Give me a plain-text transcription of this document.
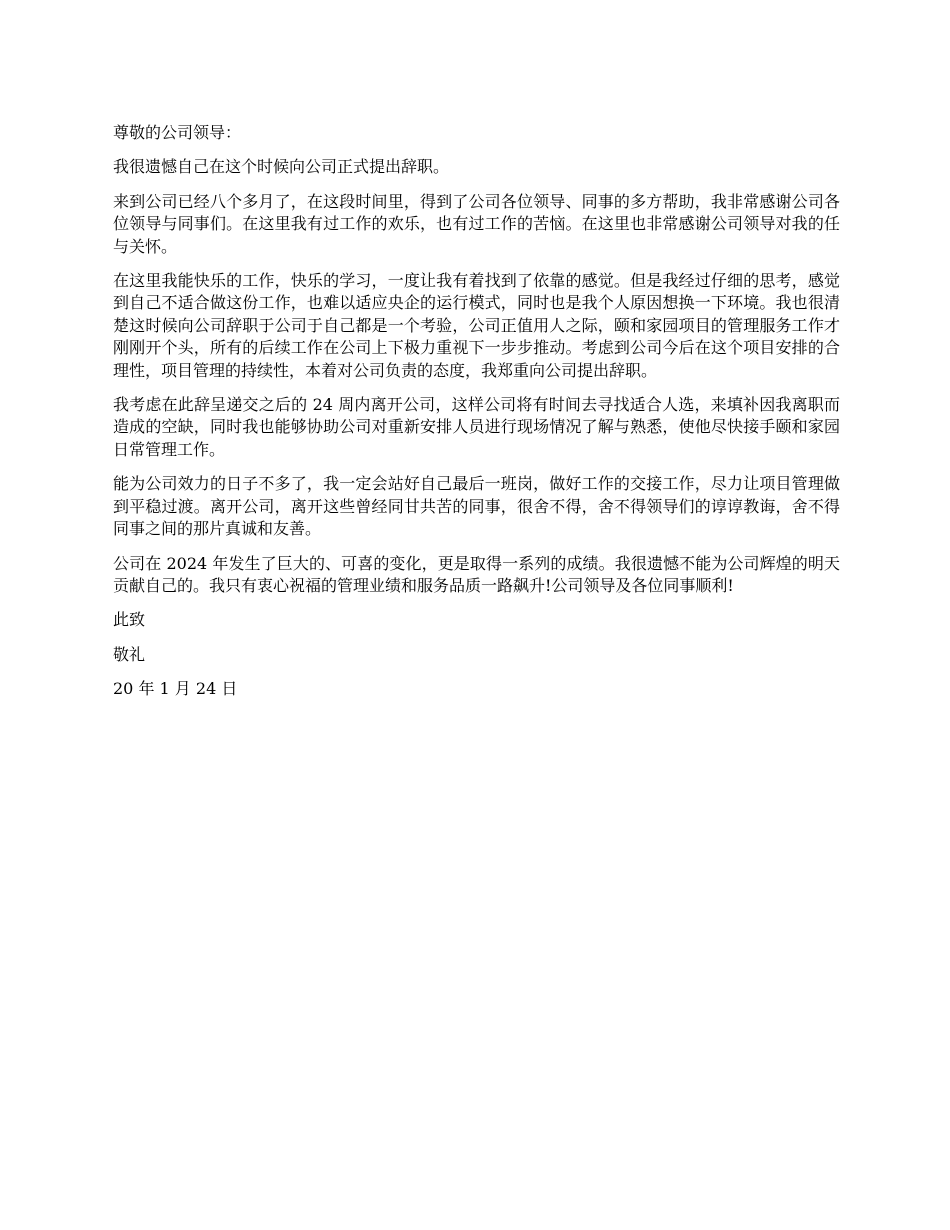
尊敬的公司领导：

我很遗憾自己在这个时候向公司正式提出辞职。

来到公司已经八个多月了，在这段时间里，得到了公司各位领导、同事的多方帮助，我非常感谢公司各位领导与同事们。在这里我有过工作的欢乐，也有过工作的苦恼。在这里也非常感谢公司领导对我的任与关怀。

在这里我能快乐的工作，快乐的学习，一度让我有着找到了依靠的感觉。但是我经过仔细的思考，感觉到自己不适合做这份工作，也难以适应央企的运行模式，同时也是我个人原因想换一下环境。我也很清楚这时候向公司辞职于公司于自己都是一个考验，公司正值用人之际，颐和家园项目的管理服务工作才刚刚开个头，所有的后续工作在公司上下极力重视下一步步推动。考虑到公司今后在这个项目安排的合理性，项目管理的持续性，本着对公司负责的态度，我郑重向公司提出辞职。

我考虑在此辞呈递交之后的 24 周内离开公司，这样公司将有时间去寻找适合人选，来填补因我离职而造成的空缺，同时我也能够协助公司对重新安排人员进行现场情况了解与熟悉，使他尽快接手颐和家园日常管理工作。

能为公司效力的日子不多了，我一定会站好自己最后一班岗，做好工作的交接工作，尽力让项目管理做到平稳过渡。离开公司，离开这些曾经同甘共苦的同事，很舍不得，舍不得领导们的谆谆教诲，舍不得同事之间的那片真诚和友善。

公司在 2024 年发生了巨大的、可喜的变化，更是取得一系列的成绩。我很遗憾不能为公司辉煌的明天贡献自己的。我只有衷心祝福的管理业绩和服务品质一路飙升!公司领导及各位同事顺利!

此致

敬礼

20 年 1 月 24 日
